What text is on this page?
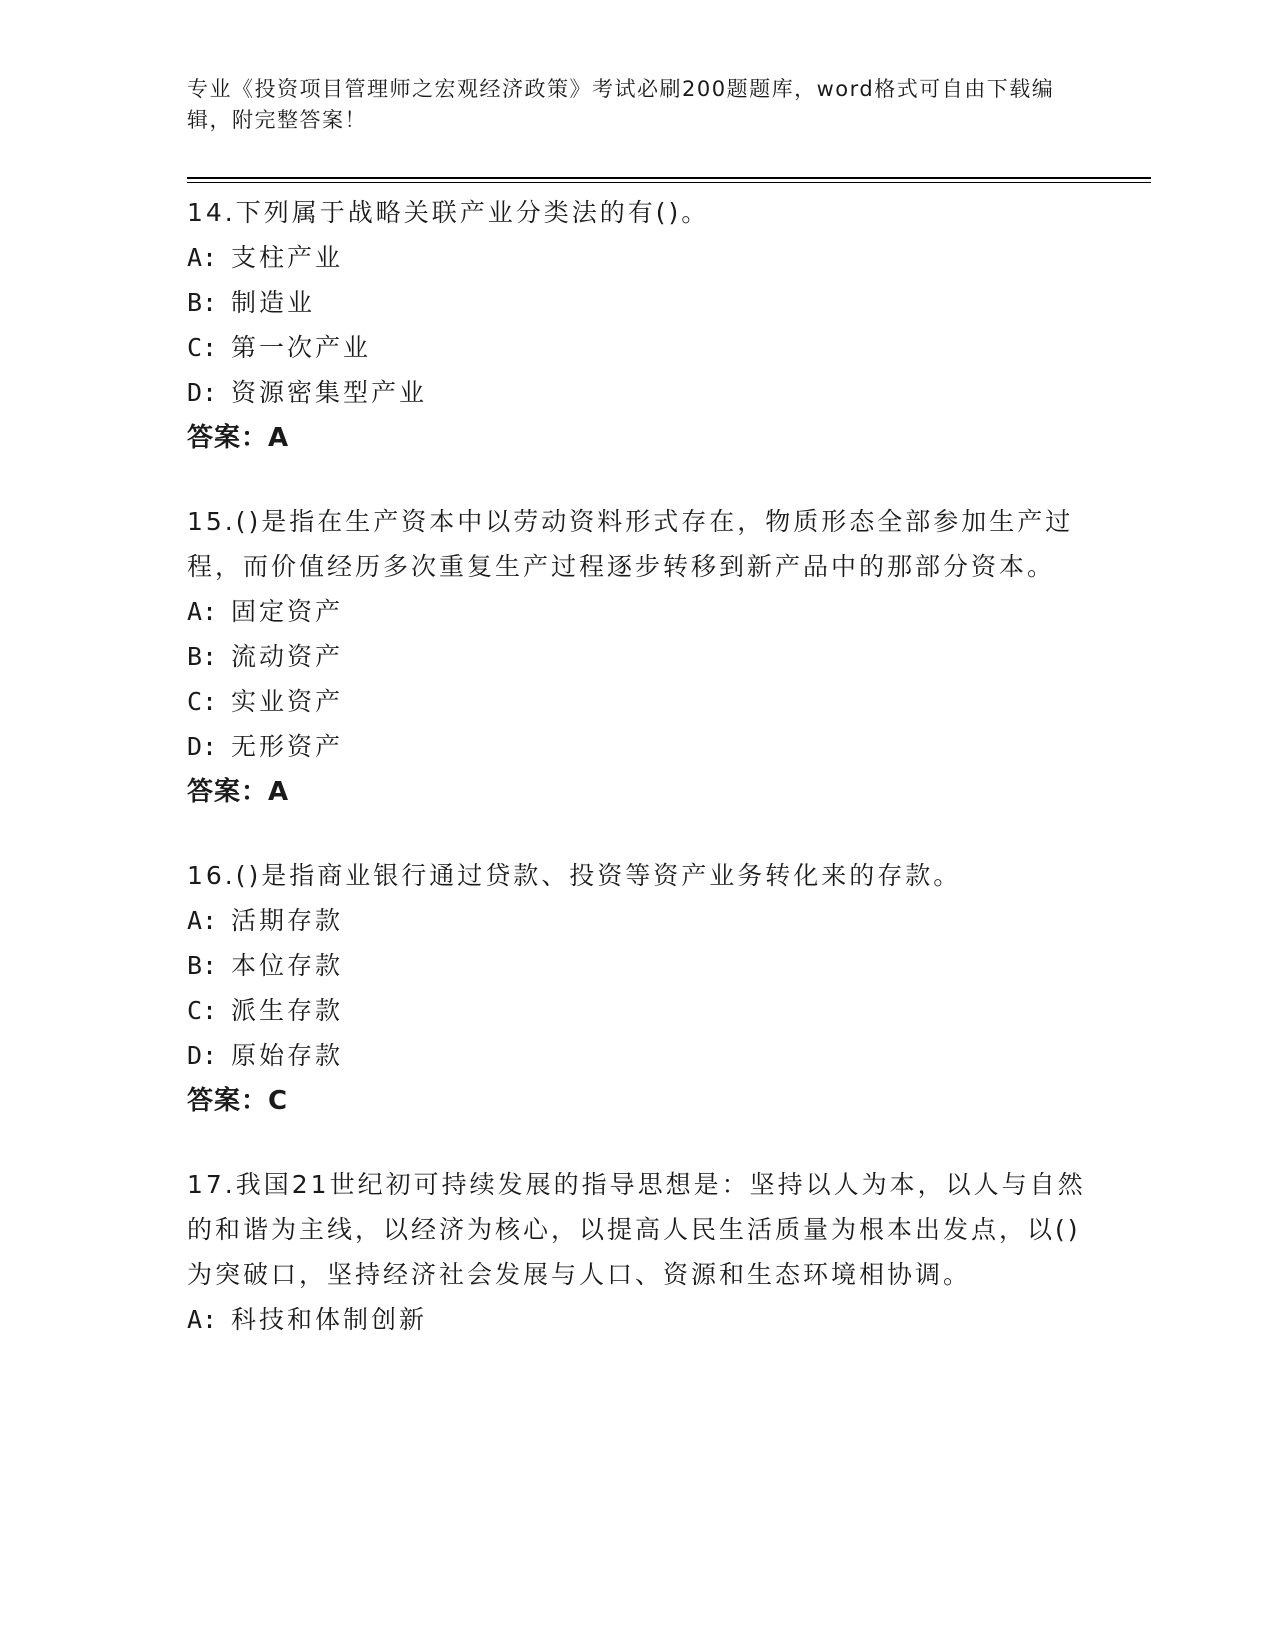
专业《投资项目管理师之宏观经济政策》考试必刷200题题库，word格式可自由下载编辑，附完整答案！
14.下列属于战略关联产业分类法的有()。
A: 支柱产业
B: 制造业
C: 第一次产业
D: 资源密集型产业
答案：A
15.()是指在生产资本中以劳动资料形式存在，物质形态全部参加生产过程，而价值经历多次重复生产过程逐步转移到新产品中的那部分资本。
A: 固定资产
B: 流动资产
C: 实业资产
D: 无形资产
答案：A
16.()是指商业银行通过贷款、投资等资产业务转化来的存款。
A: 活期存款
B: 本位存款
C: 派生存款
D: 原始存款
答案：C
17.我国21世纪初可持续发展的指导思想是：坚持以人为本，以人与自然的和谐为主线，以经济为核心，以提高人民生活质量为根本出发点，以()为突破口，坚持经济社会发展与人口、资源和生态环境相协调。
A: 科技和体制创新
